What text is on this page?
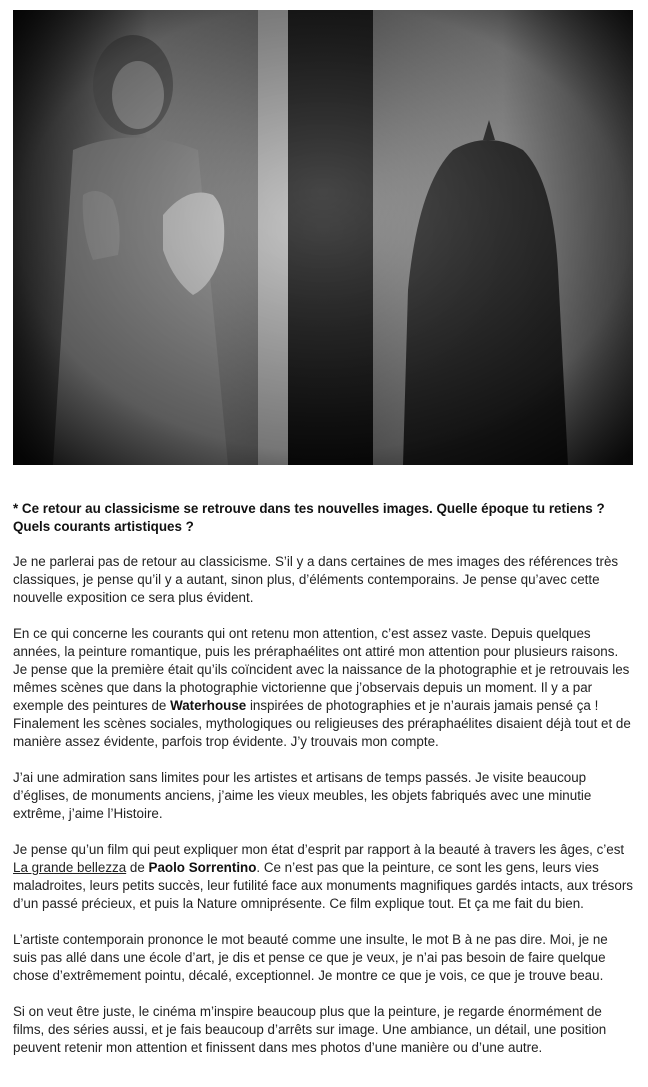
* Ce retour au classicisme se retrouve dans tes nouvelles images. Quelle époque tu retiens ? Quels courants artistiques ?

Je ne parlerai pas de retour au classicisme. S’il y a dans certaines de mes images des références très classiques, je pense qu’il y a autant, sinon plus, d’éléments contemporains. Je pense qu’avec cette nouvelle exposition ce sera plus évident.

En ce qui concerne les courants qui ont retenu mon attention, c’est assez vaste. Depuis quelques années, la peinture romantique, puis les préraphaélites ont attiré mon attention pour plusieurs raisons. Je pense que la première était qu’ils coïncident avec la naissance de la photographie et je retrouvais les mêmes scènes que dans la photographie victorienne que j’observais depuis un moment. Il y a par exemple des peintures de Waterhouse inspirées de photographies et je n’aurais jamais pensé ça ! Finalement les scènes sociales, mythologiques ou religieuses des préraphaélites disaient déjà tout et de manière assez évidente, parfois trop évidente. J’y trouvais mon compte.

J’ai une admiration sans limites pour les artistes et artisans de temps passés. Je visite beaucoup d’églises, de monuments anciens, j’aime les vieux meubles, les objets fabriqués avec une minutie extrême, j’aime l’Histoire.

Je pense qu’un film qui peut expliquer mon état d’esprit par rapport à la beauté à travers les âges, c’est La grande bellezza de Paolo Sorrentino. Ce n’est pas que la peinture, ce sont les gens, leurs vies maladroites, leurs petits succès, leur futilité face aux monuments magnifiques gardés intacts, aux trésors d’un passé précieux, et puis la Nature omniprésente. Ce film explique tout. Et ça me fait du bien.

L’artiste contemporain prononce le mot beauté comme une insulte, le mot B à ne pas dire. Moi, je ne suis pas allé dans une école d’art, je dis et pense ce que je veux, je n’ai pas besoin de faire quelque chose d’extrêmement pointu, décalé, exceptionnel. Je montre ce que je vois, ce que je trouve beau.

Si on veut être juste, le cinéma m’inspire beaucoup plus que la peinture, je regarde énormément de films, des séries aussi, et je fais beaucoup d’arrêts sur image. Une ambiance, un détail, une position peuvent retenir mon attention et finissent dans mes photos d’une manière ou d’une autre.
